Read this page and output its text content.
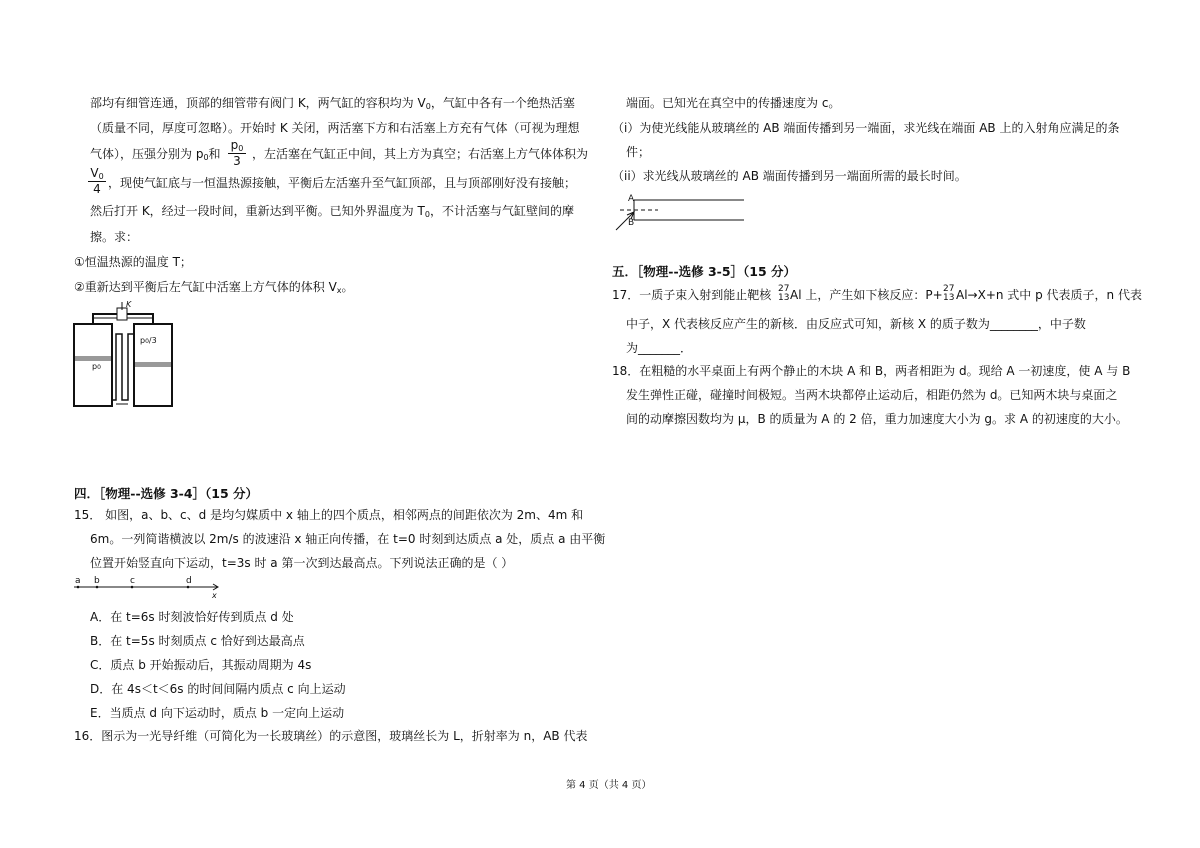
部均有细管连通，顶部的细管带有阀门 K，两气缸的容积均为 $V_0$，气缸中各有一个绝热活塞
（质量不同，厚度可忽略）。开始时 K 关闭，两活塞下方和右活塞上方充有气体（可视为理想
气体），压强分别为 $p_0$和 $\frac{p_0}{3}$ ，左活塞在气缸正中间，其上方为真空；右活塞上方气体体积为
$\frac{V_0}{4}$ ，现使气缸底与一恒温热源接触，平衡后左活塞升至气缸顶部，且与顶部刚好没有接触；
然后打开 K，经过一段时间，重新达到平衡。已知外界温度为 $T_0$，不计活塞与气缸壁间的摩
擦。求：
①恒温热源的温度 T；
②重新达到平衡后左气缸中活塞上方气体的体积 $V_x$。
K
p0/3
p0
四．［物理--选修 3-4］（15 分）
15． 如图，a、b、c、d 是均匀媒质中 x 轴上的四个质点，相邻两点的间距依次为 2m、4m 和
6m。一列简谐横波以 2m/s 的波速沿 x 轴正向传播，在 t=0 时刻到达质点 a 处，质点 a 由平衡
位置开始竖直向下运动，t=3s 时 a 第一次到达最高点。下列说法正确的是（ ）
a b	c	d
x
A．在 t=6s 时刻波恰好传到质点 d 处
B．在 t=5s 时刻质点 c 恰好到达最高点
C．质点 b 开始振动后，其振动周期为 4s
D．在 4s＜t＜6s 的时间间隔内质点 c 向上运动
E．当质点 d 向下运动时，质点 b 一定向上运动
16．图示为一光导纤维（可简化为一长玻璃丝）的示意图，玻璃丝长为 L，折射率为 n，AB 代表
端面。已知光在真空中的传播速度为 c。
（i）为使光线能从玻璃丝的 AB 端面传播到另一端面，求光线在端面 AB 上的入射角应满足的条
件；
（ii）求光线从玻璃丝的 AB 端面传播到另一端面所需的最长时间。
A
B
五．［物理--选修 3-5］（15 分）
17．一质子束入射到能止靶核 27
13 Al 上，产生如下核反应：P+ 27
13 Al→X+n 式中 p 代表质子，n 代表
中子，X 代表核反应产生的新核．由反应式可知，新核 X 的质子数为________，中子数
为_______．
18．在粗糙的水平桌面上有两个静止的木块 A 和 B，两者相距为 d。现给 A 一初速度，使 A 与 B
发生弹性正碰，碰撞时间极短。当两木块都停止运动后，相距仍然为 d。已知两木块与桌面之
间的动摩擦因数均为 μ，B 的质量为 A 的 2 倍，重力加速度大小为 g。求 A 的初速度的大小。
第 4 页（共 4 页）
